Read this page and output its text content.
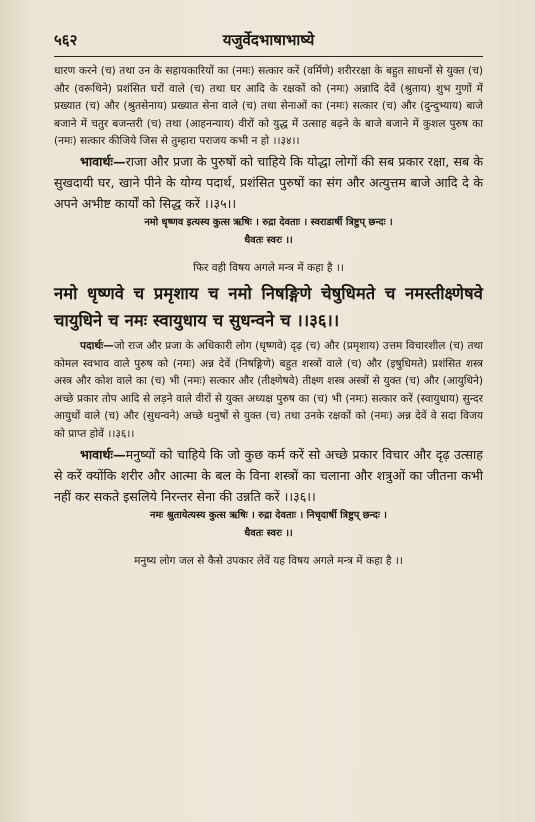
५६२	यजुर्वेदभाषाभाष्ये

धारण करने (च) तथा उन के सहायकारियों का (नमः) सत्कार करें (वर्मिणे) शरीररक्षा के बहुत साधनों से युक्त (च) और (वरूथिने) प्रशंसित घरों वाले (च) तथा घर आदि के रक्षकों को (नमः) अन्नादि देवें (श्रुताय) शुभ गुणों में प्रख्यात (च) और (श्रुतसेनाय) प्रख्यात सेना वाले (च) तथा सेनाओं का (नमः) सत्कार (च) और (दुन्दुभ्याय) बाजे बजाने में चतुर बजन्तरी (च) तथा (आहनन्याय) वीरों को युद्ध में उत्साह बढ़ने के बाजे बजाने में कुशल पुरुष का (नमः) सत्कार कीजिये जिस से तुम्हारा पराजय कभी न हो ।।३४।।

भावार्थः—राजा और प्रजा के पुरुषों को चाहिये कि योद्धा लोगों की सब प्रकार रक्षा, सब के सुखदायी घर, खाने पीने के योग्य पदार्थ, प्रशंसित पुरुषों का संग और अत्युत्तम बाजे आदि दे के अपने अभीष्ट कार्यों को सिद्ध करें ।।३५।।

नमो धृष्णव इत्यस्य कुत्स ऋषिः । रुद्रा देवताः । स्वराडार्षी त्रिष्टुप् छन्दः ।

धैवतः स्वरः ।।

फिर वही विषय अगले मन्त्र में कहा है ।।

नमो धृष्णवे च प्रमृशाय च नमो निषङ्गिणे चेषुधिमते च नमस्तीक्ष्णेषवे चायुधिने च नमः स्वायुधाय च सुधन्वने च ।।३६।।

पदार्थः—जो राज और प्रजा के अधिकारी लोग (धृष्णवे) दृढ़ (च) और (प्रमृशाय) उत्तम विचारशील (च) तथा कोमल स्वभाव वाले पुरुष को (नमः) अन्न देवें (निषङ्गिणे) बहुत शस्त्रों वाले (च) और (इषुधिमते) प्रशंसित शस्त्र अस्त्र और कोश वाले का (च) भी (नमः) सत्कार और (तीक्ष्णेषवे) तीक्ष्ण शस्त्र अस्त्रों से युक्त (च) और (आयुधिने) अच्छे प्रकार तोप आदि से लड़ने वाले वीरों से युक्त अध्यक्ष पुरुष का (च) भी (नमः) सत्कार करें (स्वायुधाय) सुन्दर आयुधों वाले (च) और (सुधन्वने) अच्छे धनुषों से युक्त (च) तथा उनके रक्षकों को (नमः) अन्न देवें वे सदा विजय को प्राप्त होवें ।।३६।।

भावार्थः—मनुष्यों को चाहिये कि जो कुछ कर्म करें सो अच्छे प्रकार विचार और दृढ़ उत्साह से करें क्योंकि शरीर और आत्मा के बल के विना शस्त्रों का चलाना और शत्रुओं का जीतना कभी नहीं कर सकते इसलिये निरन्तर सेना की उन्नति करें ।।३६।।

नमः श्रुतायेत्यस्य कुत्स ऋषिः । रुद्रा देवताः । निचृदार्षी त्रिष्टुप् छन्दः ।

धैवतः स्वरः ।।

मनुष्य लोग जल से कैसे उपकार लेवें यह विषय अगले मन्त्र में कहा है ।।
